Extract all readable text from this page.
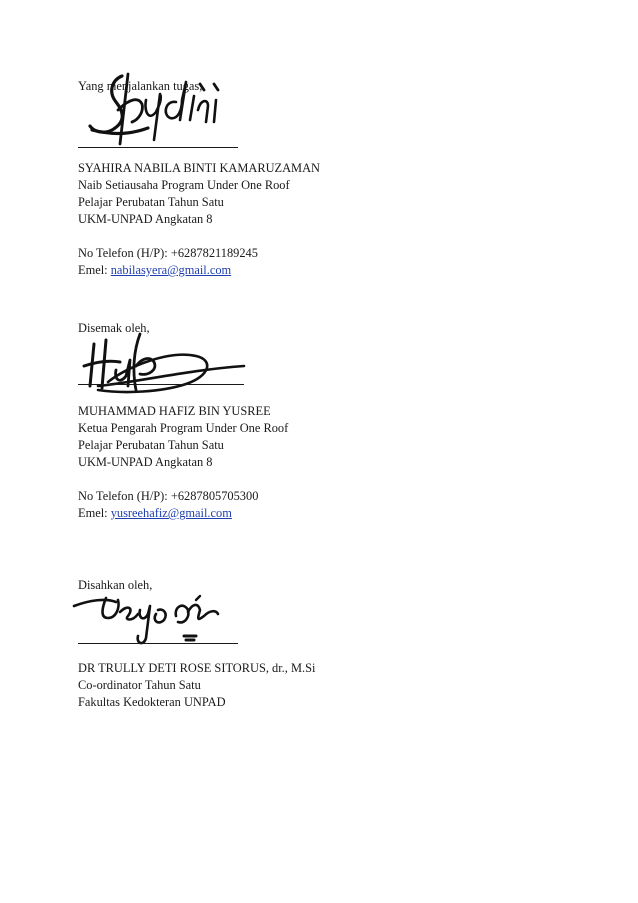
Yang menjalankan tugas,
SYAHIRA NABILA BINTI KAMARUZAMAN
Naib Setiausaha Program Under One Roof
Pelajar Perubatan Tahun Satu
UKM-UNPAD Angkatan 8
No Telefon (H/P): +6287821189245
Emel: nabilasyera@gmail.com
Disemak oleh,
MUHAMMAD HAFIZ BIN YUSREE
Ketua Pengarah Program Under One Roof
Pelajar Perubatan Tahun Satu
UKM-UNPAD Angkatan 8
No Telefon (H/P): +6287805705300
Emel: yusreehafiz@gmail.com
Disahkan oleh,
DR TRULLY DETI ROSE SITORUS, dr., M.Si
Co-ordinator Tahun Satu
Fakultas Kedokteran UNPAD
